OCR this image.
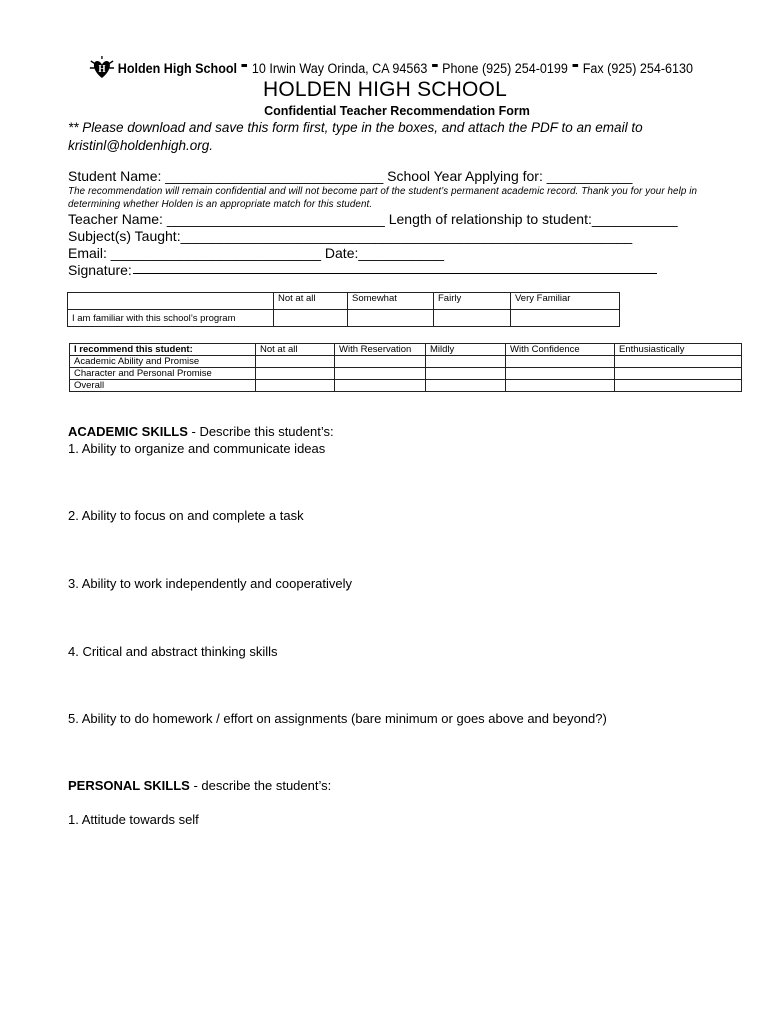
H Holden High School 10 Irwin Way Orinda, CA 94563 Phone (925) 254-0199 Fax (925) 254-6130
HOLDEN HIGH SCHOOL
Confidential Teacher Recommendation Form
** Please download and save this form first, type in the boxes, and attach the PDF to an email to kristinl@holdenhigh.org.
Student Name: ____________________________ School Year Applying for: ___________
The recommendation will remain confidential and will not become part of the student’s permanent academic record. Thank you for your help in determining whether Holden is an appropriate match for this student.
Teacher Name: ____________________________ Length of relationship to student:___________
Subject(s) Taught:__________________________________________________________
Email: ___________________________ Date:___________
Signature:
	Not at all	Somewhat	Fairly	Very Familiar
I am familiar with this school’s program				
I recommend this student:	Not at all	With Reservation	Mildly	With Confidence	Enthusiastically
Academic Ability and Promise					
Character and Personal Promise					
Overall					
ACADEMIC SKILLS - Describe this student’s:
1. Ability to organize and communicate ideas
2. Ability to focus on and complete a task
3. Ability to work independently and cooperatively
4. Critical and abstract thinking skills
5. Ability to do homework / effort on assignments (bare minimum or goes above and beyond?)
PERSONAL SKILLS - describe the student’s:
1. Attitude towards self
